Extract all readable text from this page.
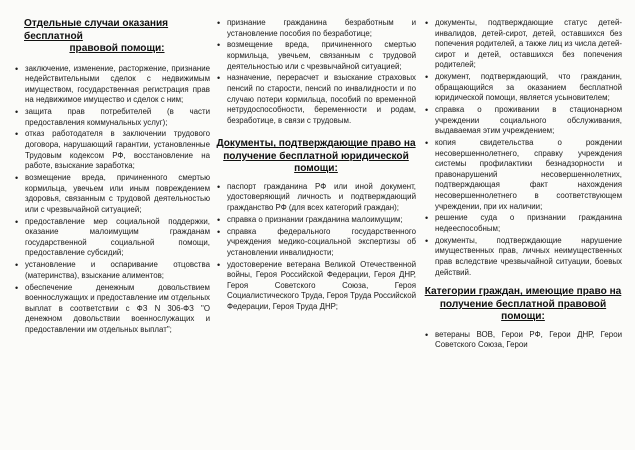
Отдельные случаи оказания бесплатной
правовой помощи:
• заключение, изменение, расторжение, признание недействительными сделок с недвижимым имуществом, государственная регистрация прав на недвижимое имущество и сделок с ним;
• защита прав потребителей (в части предоставления коммунальных услуг);
• отказ работодателя в заключении трудового договора, нарушающий гарантии, установленные Трудовым кодексом РФ, восстановление на работе, взыскание заработка;
• возмещение вреда, причиненного смертью кормильца, увечьем или иным повреждением здоровья, связанным с трудовой деятельностью или с чрезвычайной ситуацией;
• предоставление мер социальной поддержки, оказание малоимущим гражданам государственной социальной помощи, предоставление субсидий;
• установление и оспаривание отцовства (материнства), взыскание алиментов;
• обеспечение денежным довольствием военнослужащих и предоставление им отдельных выплат в соответствии с ФЗ N 306-ФЗ "О денежном довольствии военнослужащих и предоставлении им отдельных выплат";
• признание гражданина безработным и установление пособия по безработице;
• возмещение вреда, причиненного смертью кормильца, увечьем, связанным с трудовой деятельностью или с чрезвычайной ситуацией;
• назначение, перерасчет и взыскание страховых пенсий по старости, пенсий по инвалидности и по случаю потери кормильца, пособий по временной нетрудоспособности, беременности и родам, безработице, в связи с трудовым.
Документы, подтверждающие право на получение бесплатной юридической помощи:
• паспорт гражданина РФ или иной документ, удостоверяющий личность и подтверждающий гражданство РФ (для всех категорий граждан);
• справка о признании гражданина малоимущим;
• справка федерального государственного учреждения медико-социальной экспертизы об установлении инвалидности;
• удостоверение ветерана Великой Отечественной войны, Героя Российской Федерации, Героя ДНР, Героя Советского Союза, Героя Социалистического Труда, Героя Труда Российской Федерации, Героя Труда ДНР;
• документы, подтверждающие статус детей-инвалидов, детей-сирот, детей, оставшихся без попечения родителей, а также лиц из числа детей-сирот и детей, оставшихся без попечения родителей;
• документ, подтверждающий, что гражданин, обращающийся за оказанием бесплатной юридической помощи, является усыновителем;
• справка о проживании в стационарном учреждении социального обслуживания, выдаваемая этим учреждением;
• копия свидетельства о рождении несовершеннолетнего, справку учреждения системы профилактики безнадзорности и правонарушений несовершеннолетних, подтверждающая факт нахождения несовершеннолетнего в соответствующем учреждении, при их наличии;
• решение суда о признании гражданина недееспособным;
• документы, подтверждающие нарушение имущественных прав, личных неимущественных прав вследствие чрезвычайной ситуации, боевых действий.
Категории граждан, имеющие право на получение бесплатной правовой помощи:
• ветераны ВОВ, Герои РФ, Герои ДНР, Герои Советского Союза, Герои
